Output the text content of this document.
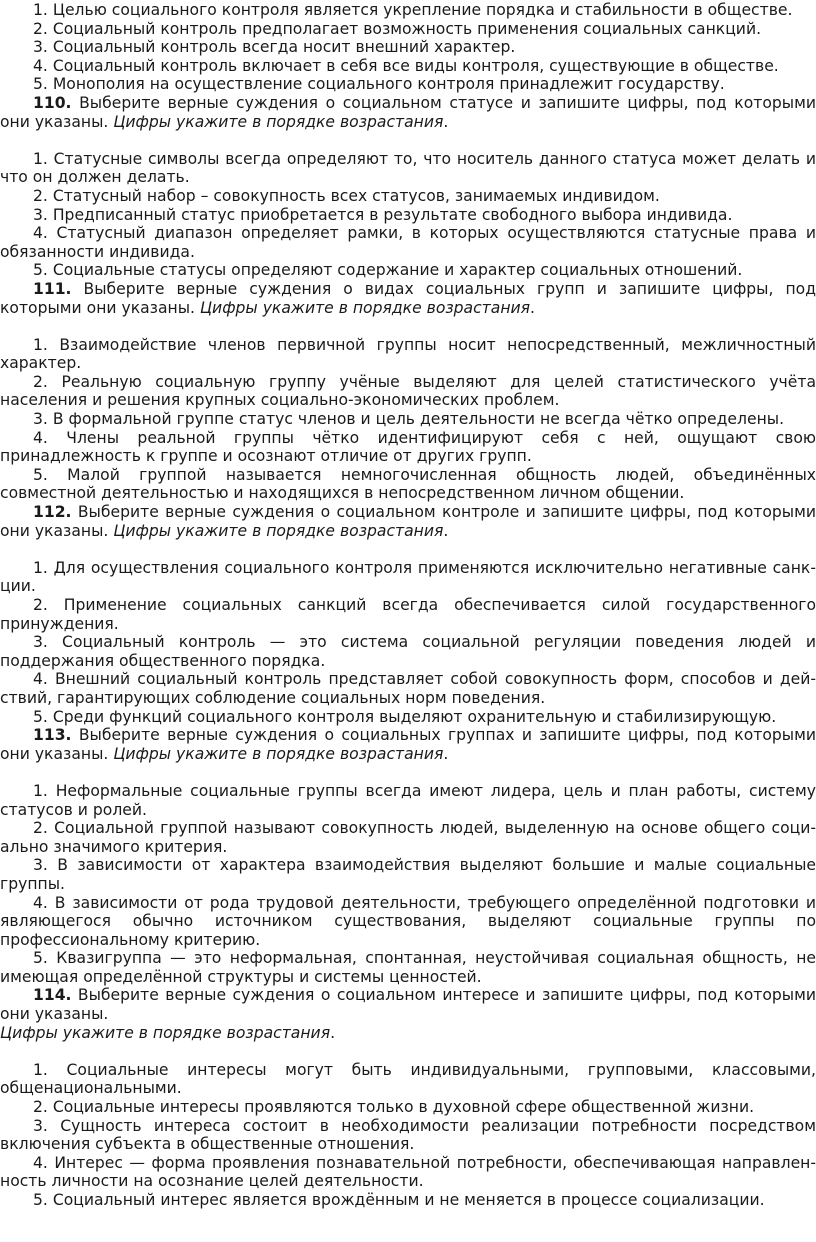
1. Целью социального контроля является укрепление порядка и стабильности в обществе.

2. Социальный контроль предполагает возможность применения социальных санкций.

3. Социальный контроль всегда носит внешний характер.

4. Социальный контроль включает в себя все виды контроля, существующие в обществе.

5. Монополия на осуществление социального контроля принадлежит государству.

110. Выберите верные суждения о социальном статусе и запишите цифры, под которыми они указаны. Цифры укажите в порядке возрастания.

1. Статусные символы всегда определяют то, что носитель данного статуса может делать и что он должен делать.

2. Статусный набор – совокупность всех статусов, занимаемых индивидом.

3. Предписанный статус приобретается в результате свободного выбора индивида.

4. Статусный диапазон определяет рамки, в которых осуществляются статусные права и обязанности индивида.

5. Социальные статусы определяют содержание и характер социальных отношений.

111. Выберите верные суждения о видах социальных групп и запишите цифры, под которыми они указаны. Цифры укажите в порядке возрастания.

1. Взаимодействие членов первичной группы носит непосредственный, межличностный характер.

2. Реальную социальную группу учёные выделяют для целей статистического учёта населения и решения крупных социально-экономических проблем.

3. В формальной группе статус членов и цель деятельности не всегда чётко определены.

4. Члены реальной группы чётко идентифицируют себя с ней, ощущают свою принадлежность к группе и осознают отличие от других групп.

5. Малой группой называется немногочисленная общность людей, объединённых совместной деятельностью и находящихся в непосредственном личном общении.

112. Выберите верные суждения о социальном контроле и запишите цифры, под которыми они указаны. Цифры укажите в порядке возрастания.

1. Для осуществления социального контроля применяются исключительно негативные санкции.

2. Применение социальных санкций всегда обеспечивается силой государственного принуждения.

3. Социальный контроль — это система социальной регуляции поведения людей и поддержания общественного порядка.

4. Внешний социальный контроль представляет собой совокупность форм, способов и действий, гарантирующих соблюдение социальных норм поведения.

5. Среди функций социального контроля выделяют охранительную и стабилизирующую.

113. Выберите верные суждения о социальных группах и запишите цифры, под которыми они указаны. Цифры укажите в порядке возрастания.

1. Неформальные социальные группы всегда имеют лидера, цель и план работы, систему статусов и ролей.

2. Социальной группой называют совокупность людей, выделенную на основе общего социально значимого критерия.

3. В зависимости от характера взаимодействия выделяют большие и малые социальные группы.

4. В зависимости от рода трудовой деятельности, требующего определённой подготовки и являющегося обычно источником существования, выделяют социальные группы по профессиональному критерию.

5. Квазигруппа — это неформальная, спонтанная, неустойчивая социальная общность, не имеющая определённой структуры и системы ценностей.

114. Выберите верные суждения о социальном интересе и запишите цифры, под которыми они указаны.

Цифры укажите в порядке возрастания.

1. Социальные интересы могут быть индивидуальными, групповыми, классовыми, общенациональными.

2. Социальные интересы проявляются только в духовной сфере общественной жизни.

3. Сущность интереса состоит в необходимости реализации потребности посредством включения субъекта в общественные отношения.

4. Интерес — форма проявления познавательной потребности, обеспечивающая направленность личности на осознание целей деятельности.

5. Социальный интерес является врождённым и не меняется в процессе социализации.
